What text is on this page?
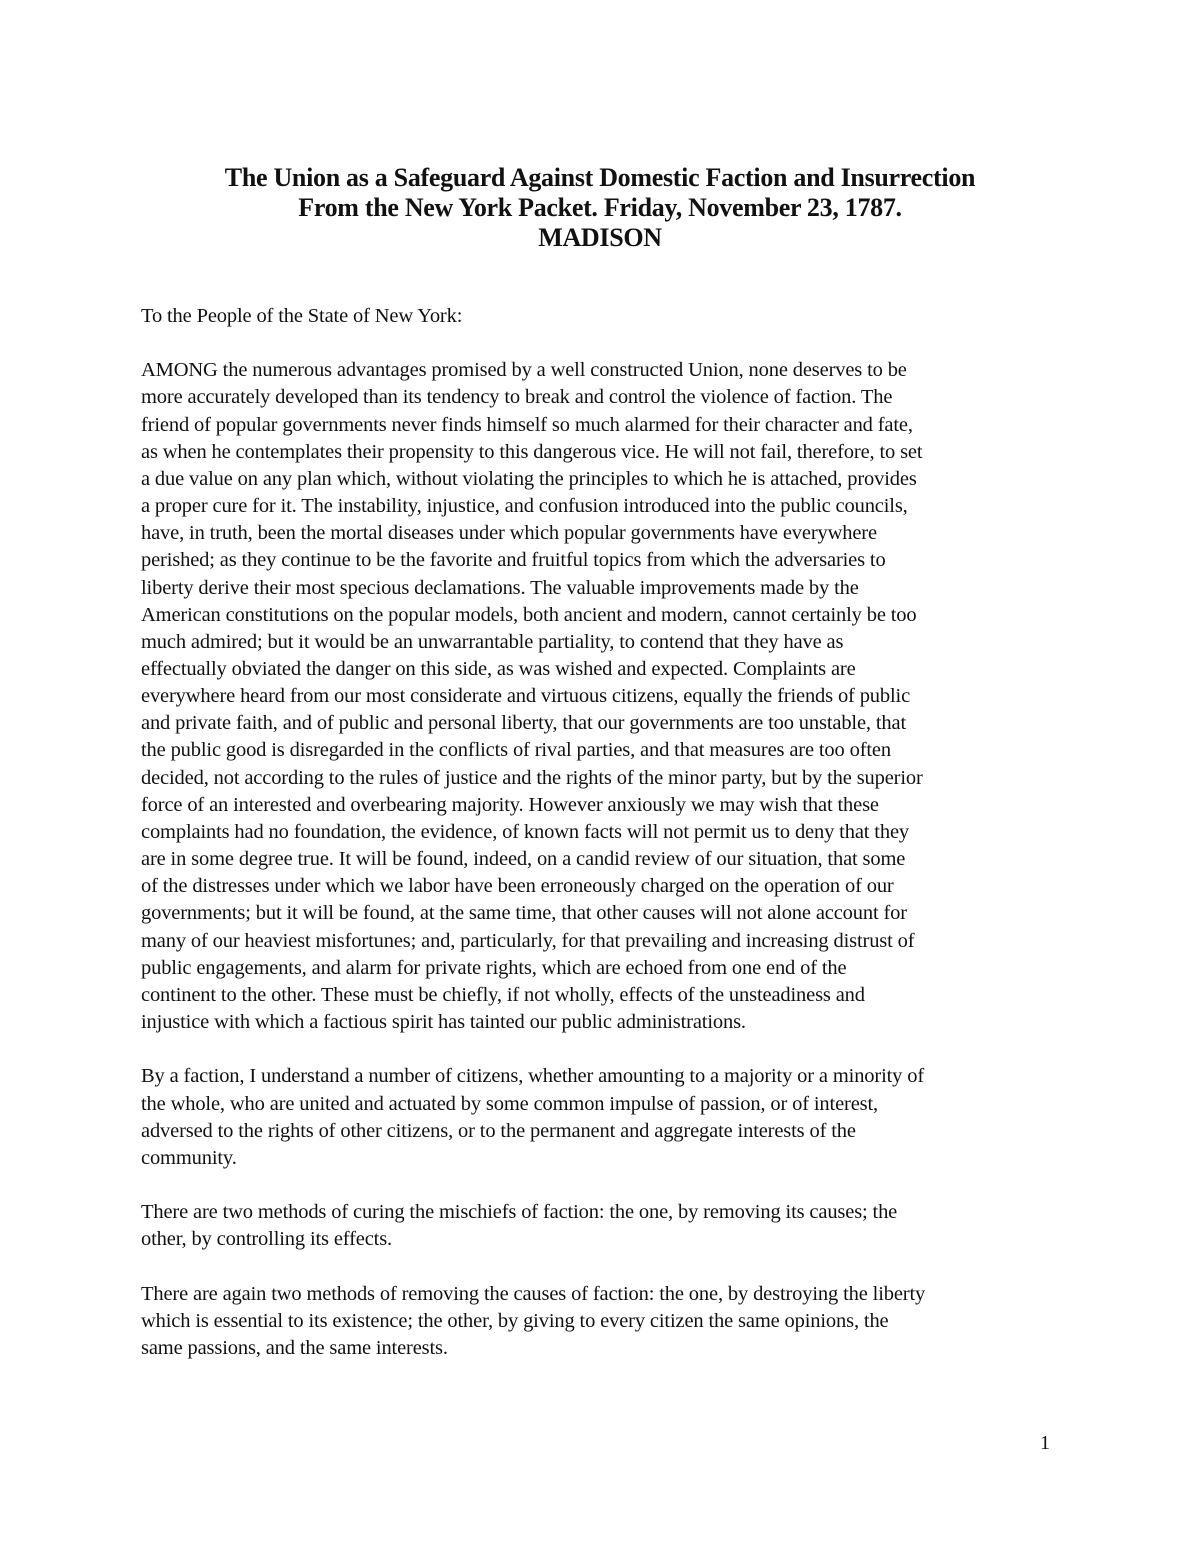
The Union as a Safeguard Against Domestic Faction and Insurrection
From the New York Packet. Friday, November 23, 1787.
MADISON
To the People of the State of New York:
AMONG the numerous advantages promised by a well constructed Union, none deserves to be
more accurately developed than its tendency to break and control the violence of faction. The
friend of popular governments never finds himself so much alarmed for their character and fate,
as when he contemplates their propensity to this dangerous vice. He will not fail, therefore, to set
a due value on any plan which, without violating the principles to which he is attached, provides
a proper cure for it. The instability, injustice, and confusion introduced into the public councils,
have, in truth, been the mortal diseases under which popular governments have everywhere
perished; as they continue to be the favorite and fruitful topics from which the adversaries to
liberty derive their most specious declamations. The valuable improvements made by the
American constitutions on the popular models, both ancient and modern, cannot certainly be too
much admired; but it would be an unwarrantable partiality, to contend that they have as
effectually obviated the danger on this side, as was wished and expected. Complaints are
everywhere heard from our most considerate and virtuous citizens, equally the friends of public
and private faith, and of public and personal liberty, that our governments are too unstable, that
the public good is disregarded in the conflicts of rival parties, and that measures are too often
decided, not according to the rules of justice and the rights of the minor party, but by the superior
force of an interested and overbearing majority. However anxiously we may wish that these
complaints had no foundation, the evidence, of known facts will not permit us to deny that they
are in some degree true. It will be found, indeed, on a candid review of our situation, that some
of the distresses under which we labor have been erroneously charged on the operation of our
governments; but it will be found, at the same time, that other causes will not alone account for
many of our heaviest misfortunes; and, particularly, for that prevailing and increasing distrust of
public engagements, and alarm for private rights, which are echoed from one end of the
continent to the other. These must be chiefly, if not wholly, effects of the unsteadiness and
injustice with which a factious spirit has tainted our public administrations.
By a faction, I understand a number of citizens, whether amounting to a majority or a minority of
the whole, who are united and actuated by some common impulse of passion, or of interest,
adversed to the rights of other citizens, or to the permanent and aggregate interests of the
community.
There are two methods of curing the mischiefs of faction: the one, by removing its causes; the
other, by controlling its effects.
There are again two methods of removing the causes of faction: the one, by destroying the liberty
which is essential to its existence; the other, by giving to every citizen the same opinions, the
same passions, and the same interests.
1
